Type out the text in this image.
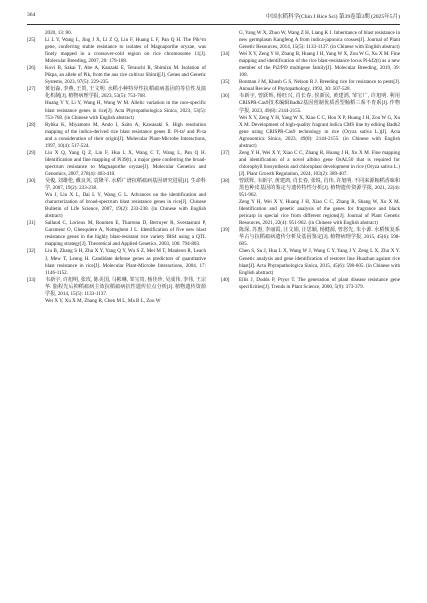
364	中国水稻科学(Chin J Rice Sci) 第39卷第3期 (2025年5月)
2020, 13: 80.
[25] Li L Y, Wang L, Jing J X, Li Z Q, Lin F, Huang L F, Pan Q H. The Pik^m gene, conferring stable resistance to isolates of Magnaporthe oryzae, was finely mapped in a crossover-cold region on rice chromosome 11[J]. Molecular Breeding, 2007, 20: 179-188.
[26] Kovi B, Sakai T, Abe A, Kanzaki E, Terauchi R, Shimizu M. Isolation of Pikpa, an allele of Pik, from the aus rice cultivar Shinrij[J]. Genes and Genetic Systems, 2023, 97(5): 229-235.
[27] 黄衍淼, 李燕, 王贺, 王文明. 水稻小种特异性抗稻瘟病基因的等位性及演化机制[J]. 植物病理学报, 2023, 53(5): 753-768.
Huang Y Y, Li Y, Wang H, Wang W M. Allelic variation in the race-specific blast resistance genes in rice[J]. Acta Phytopathologica Sinica, 2023, 53(5): 753-768. (in Chinese with English abstract)
[28] Rybka K, Miyamoto M, Ando I, Saito A, Kawasaki S. High resolution mapping of the indica-derived rice blast resistance genes II. Pi-ta² and Pi-ta and a consideration of their origin[J]. Molecular Plant-Microbe Interactions, 1997, 10(4): 517-524.
[29] Liu X Q, Yang Q Z, Lin F, Hua L X, Wang C T, Wang L, Pan Q H. Identification and fine mapping of Pi39(t), a major gene conferring the broad-spectrum resistance to Magnaporthe oryzae[J]. Molecular Genetics and Genomics, 2007, 278(4): 403-410.
[30] 吴俊, 刘雄伦, 戴良英, 袁隆平. 水稻广谱抗稻瘟病基因研究进展[J]. 生命科学, 2007, 19(2): 233-238.
Wu J, Liu X L, Dai L Y, Wang G L. Advances on the identification and characterization of broad-spectrum blast resistance genes in rice[J]. Chinese Bulletin of Life Science, 2007, 19(2): 233-238. (in Chinese with English abstract)
[31] Sallaud C, Lorieux M, Roumen E, Tharreau D, Berruyer R, Svestasrani P, Garsmeur O, Ghesquiere A, Notteghem J L. Identification of five new blast resistance genes in the highly blast-resistant rice variety IR64 using a QTL mapping strategy[J]. Theoretical and Applied Genetics, 2003, 106: 794-803.
[32] Liu B, Zhang S H, Zhu X Y, Yang Q Y, Wu S Z, Mei M T, Mauleon R, Leach J, Mew T, Leung H. Candidate defense genes as predictors of quantitative blast resistance in rice[J]. Molecular Plant-Microbe Interactions, 2004, 17: 1146-1152.
[33] 韦新宇, 许旭明, 张玫, 陈美国, 马彬琳, 邹宝贵, 杨佳珍, 吴成伟, 李伟, 王宗华. 脂程先后抑稻瘟病主效抗稻瘟病抗性遗传位点分析[J]. 植物遗传资源学报, 2014, 15(5): 1133-1137.
Wei X Y, Xu X M, Zhang R, Chen M L, Ma B L, Zou W
G, Yang W X, Zhuo W, Wang Z H, Liang K J. Inheritance of blast resistance in new germplasm Kangfeng A from indica-japonica crosses[J]. Journal of Plant Genetic Resources, 2014, 15(5): 1133-1137. (in Chinese with English abstract)
[34] Wei X Y, Zeng Y H, Zhang B, Huang J H, Yang W X, Zou W G, Xu X M. Fine mapping and identification of the rice blast-resistance locus Pi-kf2(t) as a new member of the Pi2/Pi9 multigene family[J]. Molecular Breeding, 2019, 39: 108.
[35] Bonman J M, Khush G S, Nelson R J. Breeding rice for resistance to pests[J]. Annual Review of Phytopathology, 1992, 30: 507-528.
[36] 韦新宇, 曾跃辉, 杨旺兴, 肖长春, 侯新民, 黄建鸿, 邹宝广, 许旭明. 利用CRISPR-Cas9技术编辑Badh2基因创制优质香型籼稻三系不育系[J]. 作物学报, 2023, 49(8): 2144-2155.
Wei X Y, Zeng Y H, Yang W X, Xiao C C, Hou X P, Huang J H, Zou W G, Xu X M. Development of high-quality fragrant indica CMS line by editing Badh2 gene using CRISPR-Cas9 technology in rice (Oryza sativa L.)[J]. Acta Agronomica Sinica, 2023, 49(8): 2144-2155. (in Chinese with English abstract)
[37] Zeng Y H, Wei X Y, Xiao C C, Zhang R, Huang J H, Xu X M. Fine mapping and identification of a novel albino gene OsAL50 that is required for chlorophyll biosynthesis and chloroplast development in rice (Oryza sativa L.)[J]. Plant Growth Regulation, 2024, 103(2): 389-407.
[38] 曾跃辉, 韦新宇, 黄建鸿, 肖长春, 张锐, 肖伟, 许旭明. 不同来源籼稻香味和黑色种皮基因的鉴定与遗传特性分析[J]. 植物遗传资源学报, 2021, 22(4): 951-962.
Zeng Y H, Wei X Y, Huang J H, Xiao C C, Zhang R, Shang W, Xu X M. Identification and genetic analysis of the genes for fragrance and black pericarp in special rice from different regions[J]. Journal of Plant Genetic Resources, 2021, 22(4): 951-962. (in Chinese with English abstract)
[39] 陈深, 苏惠, 李丽霞, 汪文娟, 汪思颖, 杨健源, 曾怒先, 朱小源. 水稻恢复系华占与抗稻瘟病遗传分析及基因鉴定[J]. 植物病理学报, 2015, 45(6): 598-605.
Chen S, Su J, Hua L X, Wang W J, Wang C Y, Yang J Y, Zeng L X, Zhu X Y. Genetic analysis and gene identification of restorer line Huazhan against rice blast[J]. Acta Phytopathologica Sinica, 2015, 45(6): 598-605. (in Chinese with English abstract)
[40] Ellis J, Dodds P, Pryor T. The generation of plant disease resistance gene specificities[J]. Trends in Plant Science, 2000, 5(9): 373-379.
